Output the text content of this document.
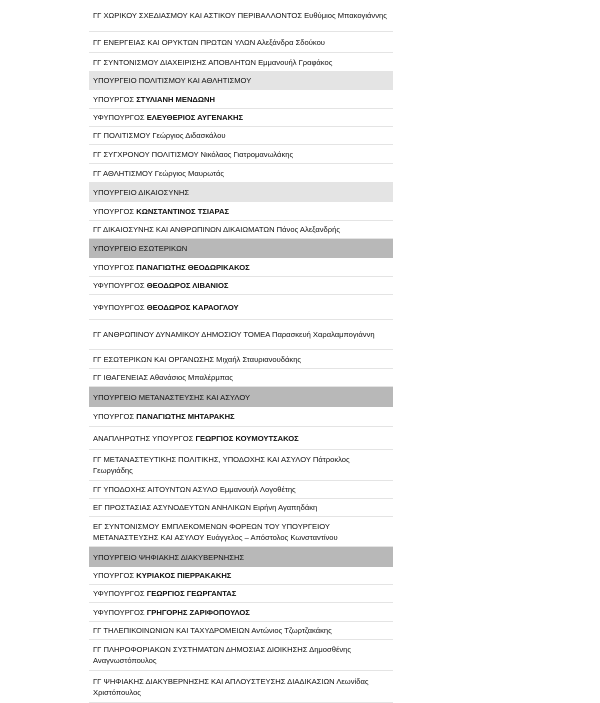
ΓΓ ΧΩΡΙΚΟΥ ΣΧΕΔΙΑΣΜΟΥ ΚΑΙ ΑΣΤΙΚΟΥ ΠΕΡΙΒΑΛΛΟΝΤΟΣ Ευθύμιος Μπακογιάννης
ΓΓ ΕΝΕΡΓΕΙΑΣ ΚΑΙ ΟΡΥΚΤΩΝ ΠΡΩΤΩΝ ΥΛΩΝ Αλεξάνδρα Σδούκου
ΓΓ ΣΥΝΤΟΝΙΣΜΟΥ ΔΙΑΧΕΙΡΙΣΗΣ ΑΠΟΒΛΗΤΩΝ Εμμανουήλ Γραφάκος
ΥΠΟΥΡΓΕΙΟ ΠΟΛΙΤΙΣΜΟΥ ΚΑΙ ΑΘΛΗΤΙΣΜΟΥ
ΥΠΟΥΡΓΟΣ ΣΤΥΛΙΑΝΗ ΜΕΝΔΩΝΗ
ΥΦΥΠΟΥΡΓΟΣ ΕΛΕΥΘΕΡΙΟΣ ΑΥΓΕΝΑΚΗΣ
ΓΓ ΠΟΛΙΤΙΣΜΟΥ Γεώργιος Διδασκάλου
ΓΓ ΣΥΓΧΡΟΝΟΥ ΠΟΛΙΤΙΣΜΟΥ Νικόλαος Γιατρομανωλάκης
ΓΓ ΑΘΛΗΤΙΣΜΟΥ Γεώργιος Μαυρωτάς
ΥΠΟΥΡΓΕΙΟ ΔΙΚΑΙΟΣΥΝΗΣ
ΥΠΟΥΡΓΟΣ ΚΩΝΣΤΑΝΤΙΝΟΣ ΤΣΙΑΡΑΣ
ΓΓ ΔΙΚΑΙΟΣΥΝΗΣ ΚΑΙ ΑΝΘΡΩΠΙΝΩΝ ΔΙΚΑΙΩΜΑΤΩΝ Πάνος Αλεξανδρής
ΥΠΟΥΡΓΕΙΟ ΕΣΩΤΕΡΙΚΩΝ
ΥΠΟΥΡΓΟΣ ΠΑΝΑΓΙΩΤΗΣ ΘΕΟΔΩΡΙΚΑΚΟΣ
ΥΦΥΠΟΥΡΓΟΣ ΘΕΟΔΩΡΟΣ ΛΙΒΑΝΙΟΣ
ΥΦΥΠΟΥΡΓΟΣ ΘΕΟΔΩΡΟΣ ΚΑΡΑΟΓΛΟΥ
ΓΓ ΑΝΘΡΩΠΙΝΟΥ ΔΥΝΑΜΙΚΟΥ ΔΗΜΟΣΙΟΥ ΤΟΜΕΑ Παρασκευή Χαραλαμπογιάννη
ΓΓ ΕΣΩΤΕΡΙΚΩΝ ΚΑΙ ΟΡΓΑΝΩΣΗΣ Μιχαήλ Σταυριανουδάκης
ΓΓ ΙΘΑΓΕΝΕΙΑΣ Αθανάσιος Μπαλέρμπας
ΥΠΟΥΡΓΕΙΟ ΜΕΤΑΝΑΣΤΕΥΣΗΣ ΚΑΙ ΑΣΥΛΟΥ
ΥΠΟΥΡΓΟΣ ΠΑΝΑΓΙΩΤΗΣ ΜΗΤΑΡΑΚΗΣ
ΑΝΑΠΛΗΡΩΤΗΣ ΥΠΟΥΡΓΟΣ ΓΕΩΡΓΙΟΣ ΚΟΥΜΟΥΤΣΑΚΟΣ
ΓΓ ΜΕΤΑΝΑΣΤΕΥΤΙΚΗΣ ΠΟΛΙΤΙΚΗΣ, ΥΠΟΔΟΧΗΣ ΚΑΙ ΑΣΥΛΟΥ Πάτροκλος Γεωργιάδης
ΓΓ ΥΠΟΔΟΧΗΣ ΑΙΤΟΥΝΤΩΝ ΑΣΥΛΟ Εμμανουήλ Λογοθέτης
ΕΓ ΠΡΟΣΤΑΣΙΑΣ ΑΣΥΝΟΔΕΥΤΩΝ ΑΝΗΛΙΚΩΝ Ειρήνη Αγαπηδάκη
ΕΓ ΣΥΝΤΟΝΙΣΜΟΥ ΕΜΠΛΕΚΟΜΕΝΩΝ ΦΟΡΕΩΝ ΤΟΥ ΥΠΟΥΡΓΕΙΟΥ ΜΕΤΑΝΑΣΤΕΥΣΗΣ ΚΑΙ ΑΣΥΛΟΥ Ευάγγελος – Απόστολος Κωνσταντίνου
ΥΠΟΥΡΓΕΙΟ ΨΗΦΙΑΚΗΣ ΔΙΑΚΥΒΕΡΝΗΣΗΣ
ΥΠΟΥΡΓΟΣ ΚΥΡΙΑΚΟΣ ΠΙΕΡΡΑΚΑΚΗΣ
ΥΦΥΠΟΥΡΓΟΣ ΓΕΩΡΓΙΟΣ ΓΕΩΡΓΑΝΤΑΣ
ΥΦΥΠΟΥΡΓΟΣ ΓΡΗΓΟΡΗΣ ΖΑΡΙΦΟΠΟΥΛΟΣ
ΓΓ ΤΗΛΕΠΙΚΟΙΝΩΝΙΩΝ ΚΑΙ ΤΑΧΥΔΡΟΜΕΙΩΝ Αντώνιος Τζωρτζακάκης
ΓΓ ΠΛΗΡΟΦΟΡΙΑΚΩΝ ΣΥΣΤΗΜΑΤΩΝ ΔΗΜΟΣΙΑΣ ΔΙΟΙΚΗΣΗΣ Δημοσθένης Αναγνωστόπουλος
ΓΓ ΨΗΦΙΑΚΗΣ ΔΙΑΚΥΒΕΡΝΗΣΗΣ ΚΑΙ ΑΠΛΟΥΣΤΕΥΣΗΣ ΔΙΑΔΙΚΑΣΙΩΝ Λεωνίδας Χριστόπουλος
